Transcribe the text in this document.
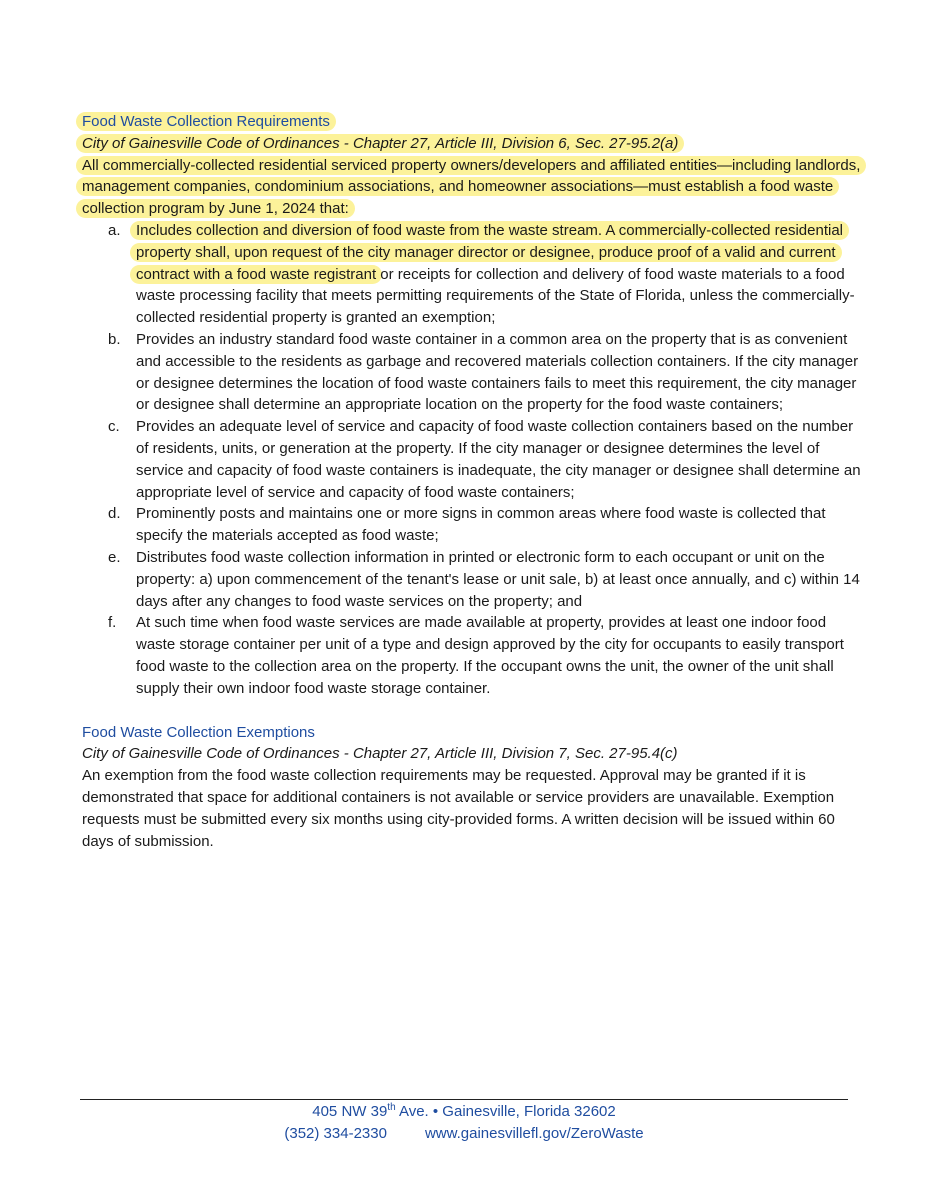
Food Waste Collection Requirements

City of Gainesville Code of Ordinances - Chapter 27, Article III, Division 6, Sec. 27-95.2(a)

All commercially-collected residential serviced property owners/developers and affiliated entities—including landlords, management companies, condominium associations, and homeowner associations—must establish a food waste collection program by June 1, 2024 that:

a. Includes collection and diversion of food waste from the waste stream. A commercially-collected residential property shall, upon request of the city manager director or designee, produce proof of a valid and current contract with a food waste registrant or receipts for collection and delivery of food waste materials to a food waste processing facility that meets permitting requirements of the State of Florida, unless the commercially-collected residential property is granted an exemption;
b. Provides an industry standard food waste container in a common area on the property that is as convenient and accessible to the residents as garbage and recovered materials collection containers. If the city manager or designee determines the location of food waste containers fails to meet this requirement, the city manager or designee shall determine an appropriate location on the property for the food waste containers;
c. Provides an adequate level of service and capacity of food waste collection containers based on the number of residents, units, or generation at the property. If the city manager or designee determines the level of service and capacity of food waste containers is inadequate, the city manager or designee shall determine an appropriate level of service and capacity of food waste containers;
d. Prominently posts and maintains one or more signs in common areas where food waste is collected that specify the materials accepted as food waste;
e. Distributes food waste collection information in printed or electronic form to each occupant or unit on the property: a) upon commencement of the tenant's lease or unit sale, b) at least once annually, and c) within 14 days after any changes to food waste services on the property; and
f. At such time when food waste services are made available at property, provides at least one indoor food waste storage container per unit of a type and design approved by the city for occupants to easily transport food waste to the collection area on the property. If the occupant owns the unit, the owner of the unit shall supply their own indoor food waste storage container.

Food Waste Collection Exemptions

City of Gainesville Code of Ordinances - Chapter 27, Article III, Division 7, Sec. 27-95.4(c)

An exemption from the food waste collection requirements may be requested. Approval may be granted if it is demonstrated that space for additional containers is not available or service providers are unavailable. Exemption requests must be submitted every six months using city-provided forms. A written decision will be issued within 60 days of submission.

405 NW 39th Ave. • Gainesville, Florida 32602
(352) 334-2330	www.gainesvillefl.gov/ZeroWaste
